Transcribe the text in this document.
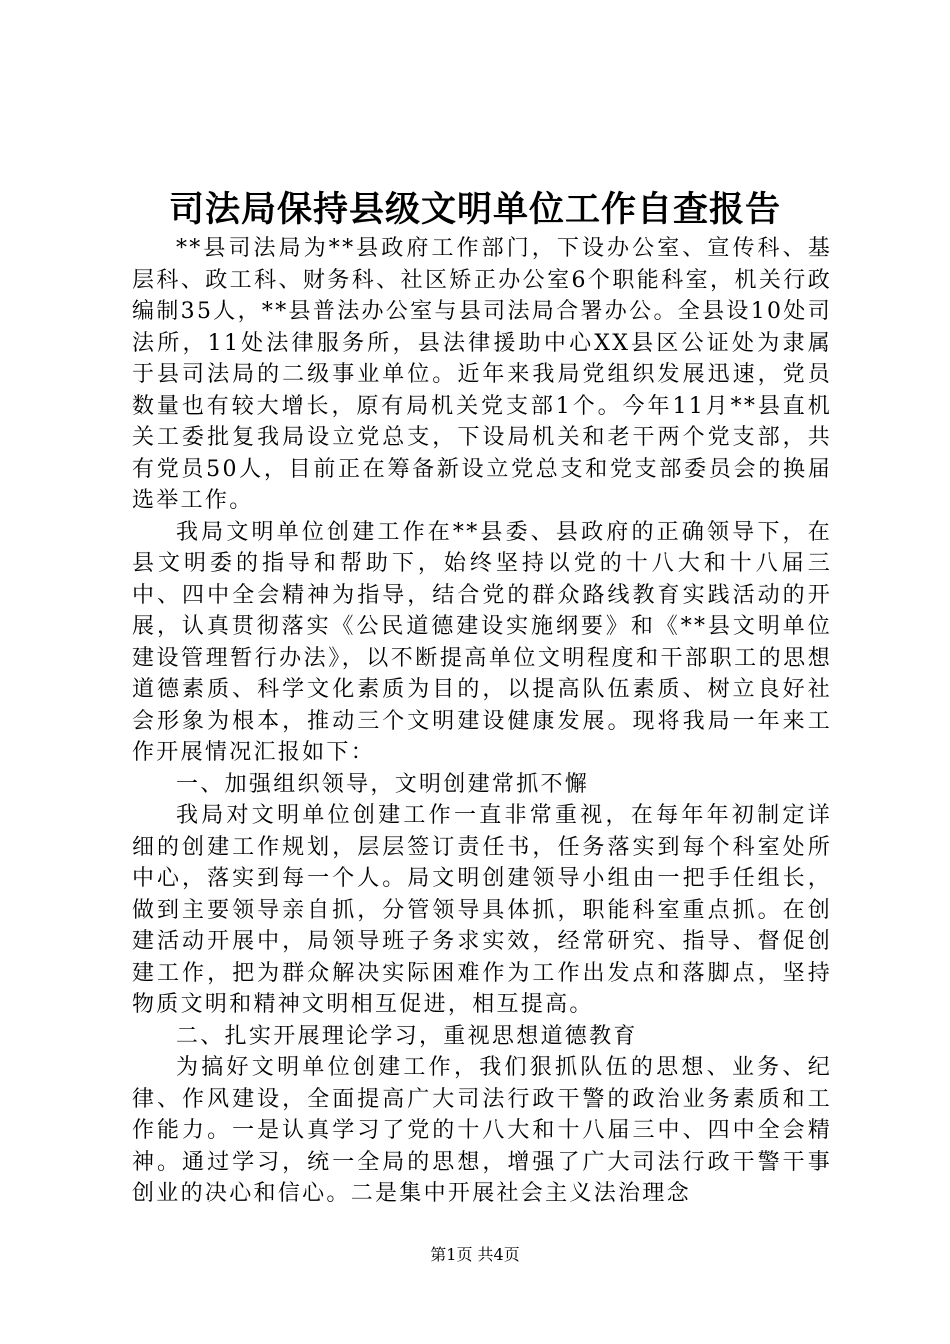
司法局保持县级文明单位工作自查报告

**县司法局为**县政府工作部门，下设办公室、宣传科、基层科、政工科、财务科、社区矫正办公室6个职能科室，机关行政编制35人，**县普法办公室与县司法局合署办公。全县设10处司法所，11处法律服务所，县法律援助中心XX县区公证处为隶属于县司法局的二级事业单位。近年来我局党组织发展迅速，党员数量也有较大增长，原有局机关党支部1个。今年11月**县直机关工委批复我局设立党总支，下设局机关和老干两个党支部，共有党员50人，目前正在筹备新设立党总支和党支部委员会的换届选举工作。

我局文明单位创建工作在**县委、县政府的正确领导下，在县文明委的指导和帮助下，始终坚持以党的十八大和十八届三中、四中全会精神为指导，结合党的群众路线教育实践活动的开展，认真贯彻落实《公民道德建设实施纲要》和《**县文明单位建设管理暂行办法》，以不断提高单位文明程度和干部职工的思想道德素质、科学文化素质为目的，以提高队伍素质、树立良好社会形象为根本，推动三个文明建设健康发展。现将我局一年来工作开展情况汇报如下：

一、加强组织领导，文明创建常抓不懈

我局对文明单位创建工作一直非常重视，在每年年初制定详细的创建工作规划，层层签订责任书，任务落实到每个科室处所中心，落实到每一个人。局文明创建领导小组由一把手任组长，做到主要领导亲自抓，分管领导具体抓，职能科室重点抓。在创建活动开展中，局领导班子务求实效，经常研究、指导、督促创建工作，把为群众解决实际困难作为工作出发点和落脚点，坚持物质文明和精神文明相互促进，相互提高。

二、扎实开展理论学习，重视思想道德教育

为搞好文明单位创建工作，我们狠抓队伍的思想、业务、纪律、作风建设，全面提高广大司法行政干警的政治业务素质和工作能力。一是认真学习了党的十八大和十八届三中、四中全会精神。通过学习，统一全局的思想，增强了广大司法行政干警干事创业的决心和信心。二是集中开展社会主义法治理念

第1页 共4页
